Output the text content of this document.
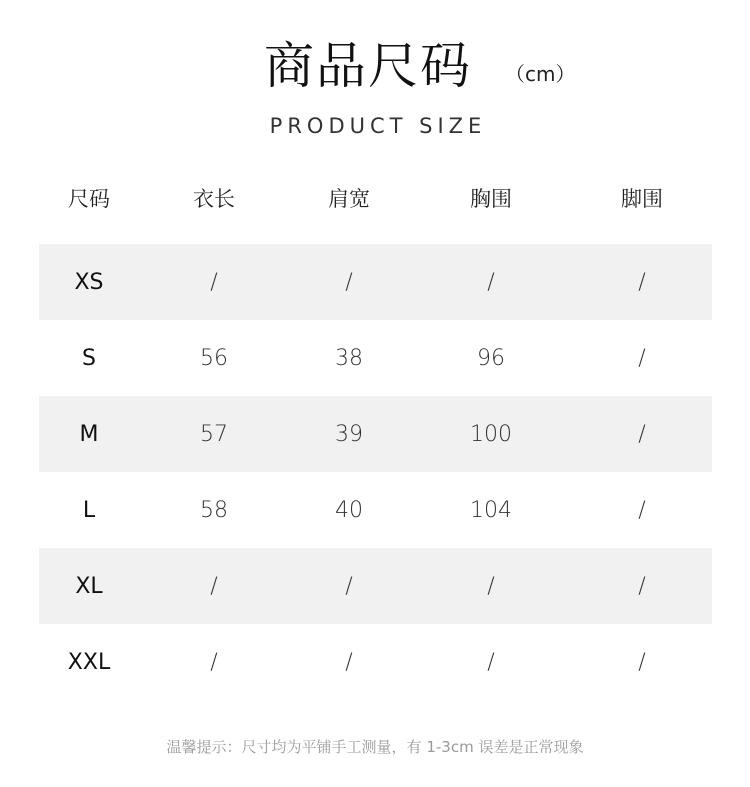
商品尺码 （cm）
PRODUCT SIZE
尺码	衣长	肩宽	胸围	脚围
XS	/	/	/	/
S	56	38	96	/
M	57	39	100	/
L	58	40	104	/
XL	/	/	/	/
XXL	/	/	/	/
温馨提示：尺寸均为平铺手工测量，有 1-3cm 误差是正常现象
